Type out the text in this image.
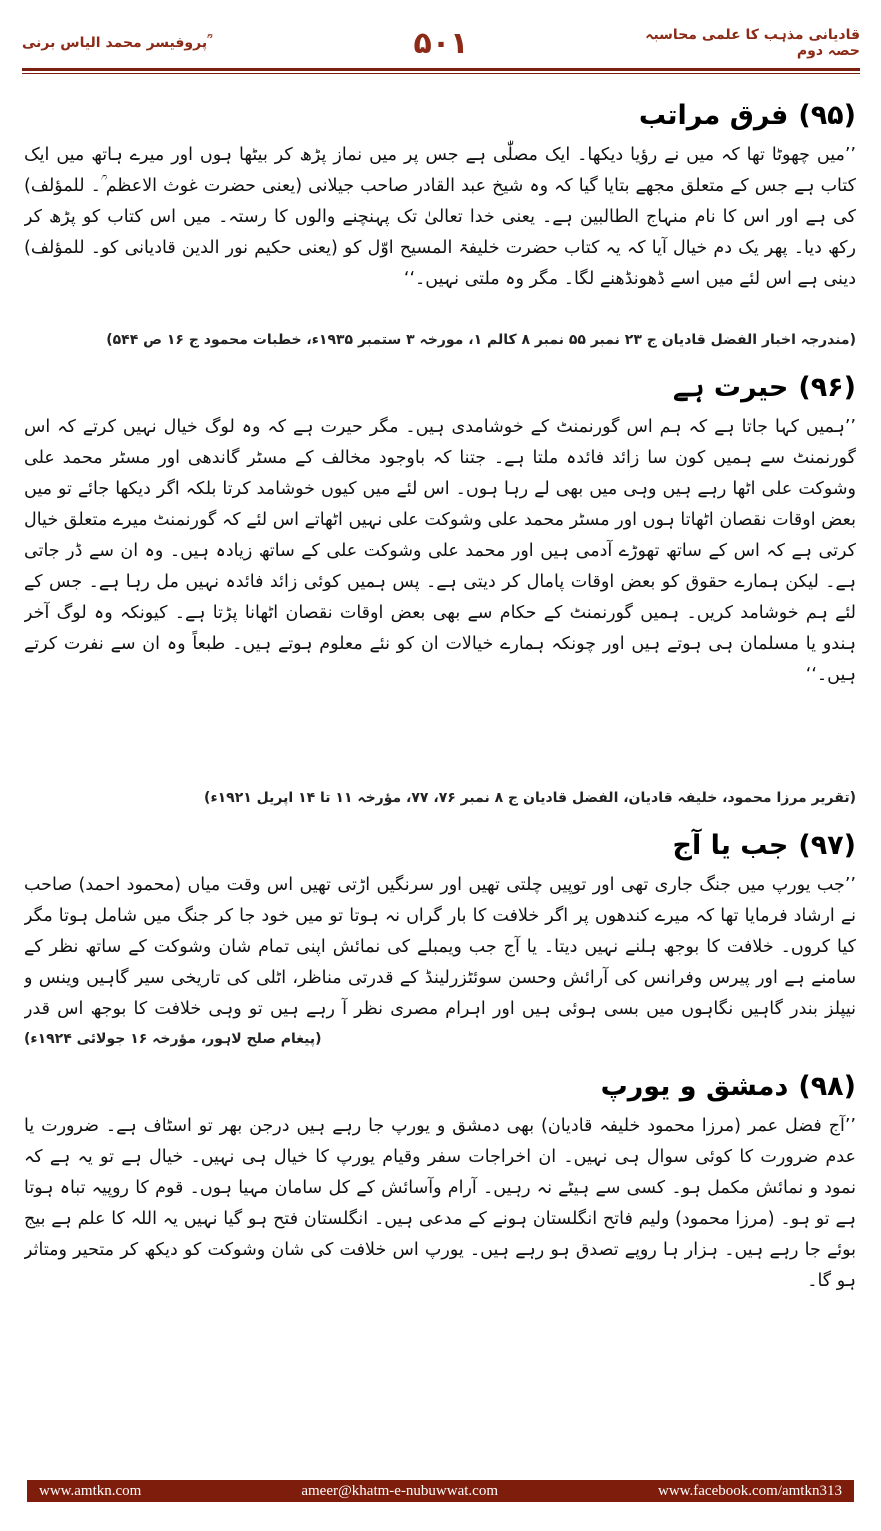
پروفیسر محمد الیاس برنی ؒ	۵۰۱	قادیانی مذہب کا علمی محاسبہ حصہ دوم
(۹۵)فرق مراتب
’’میں چھوٹا تھا کہ میں نے رؤیا دیکھا۔ ایک مصلّٰی ہے جس پر میں نماز پڑھ کر بیٹھا ہوں اور میرے ہاتھ میں ایک کتاب ہے جس کے متعلق مجھے بتایا گیا کہ وہ شیخ عبد القادر صاحب جیلانی (یعنی حضرت غوث الاعظم ؒ۔ للمؤلف) کی ہے اور اس کا نام منہاج الطالبین ہے۔ یعنی خدا تعالیٰ تک پہنچنے والوں کا رستہ۔ میں اس کتاب کو پڑھ کر رکھ دیا۔ پھر یک دم خیال آیا کہ یہ کتاب حضرت خلیفۃ المسیح اوّل کو (یعنی حکیم نور الدین قادیانی کو۔ للمؤلف) دینی ہے اس لئے میں اسے ڈھونڈھنے لگا۔ مگر وہ ملتی نہیں۔‘‘
(مندرجہ اخبار الفضل قادیان ج ۲۳ نمبر ۵۵ نمبر ۸ کالم ۱، مورخہ ۳ ستمبر ۱۹۳۵ء، خطبات محمود ج ۱۶ ص ۵۴۴)
(۹۶)حیرت ہے
’’ہمیں کہا جاتا ہے کہ ہم اس گورنمنٹ کے خوشامدی ہیں۔ مگر حیرت ہے کہ وہ لوگ خیال نہیں کرتے کہ اس گورنمنٹ سے ہمیں کون سا زائد فائدہ ملتا ہے۔ جتنا کہ باوجود مخالف کے مسٹر گاندھی اور مسٹر محمد علی وشوکت علی اٹھا رہے ہیں وہی میں بھی لے رہا ہوں۔ اس لئے میں کیوں خوشامد کرتا بلکہ اگر دیکھا جائے تو میں بعض اوقات نقصان اٹھاتا ہوں اور مسٹر محمد علی وشوکت علی نہیں اٹھاتے اس لئے کہ گورنمنٹ میرے متعلق خیال کرتی ہے کہ اس کے ساتھ تھوڑے آدمی ہیں اور محمد علی وشوکت علی کے ساتھ زیادہ ہیں۔ وہ ان سے ڈر جاتی ہے۔ لیکن ہمارے حقوق کو بعض اوقات پامال کر دیتی ہے۔ پس ہمیں کوئی زائد فائدہ نہیں مل رہا ہے۔ جس کے لئے ہم خوشامد کریں۔ ہمیں گورنمنٹ کے حکام سے بھی بعض اوقات نقصان اٹھانا پڑتا ہے۔ کیونکہ وہ لوگ آخر ہندو یا مسلمان ہی ہوتے ہیں اور چونکہ ہمارے خیالات ان کو نئے معلوم ہوتے ہیں۔ طبعاً وہ ان سے نفرت کرتے ہیں۔‘‘
(تقریر مرزا محمود، خلیفہ قادیان، الفضل قادیان ج ۸ نمبر ۷۶، ۷۷، مؤرخہ ۱۱ تا ۱۴ اپریل ۱۹۲۱ء)
(۹۷)جب یا آج
’’جب یورپ میں جنگ جاری تھی اور توپیں چلتی تھیں اور سرنگیں اڑتی تھیں اس وقت میاں (محمود احمد) صاحب نے ارشاد فرمایا تھا کہ میرے کندھوں پر اگر خلافت کا بار گراں نہ ہوتا تو میں خود جا کر جنگ میں شامل ہوتا مگر کیا کروں۔ خلافت کا بوجھ ہلنے نہیں دیتا۔ یا آج جب ویمبلے کی نمائش اپنی تمام شان وشوکت کے ساتھ نظر کے سامنے ہے اور پیرس وفرانس کی آرائش وحسن سوئٹزرلینڈ کے قدرتی مناظر، اٹلی کی تاریخی سیر گاہیں وینس و نیپلز بندر گاہیں نگاہوں میں بسی ہوئی ہیں اور اہرام مصری نظر آ رہے ہیں تو وہی خلافت کا بوجھ اس قدر
(پیغام صلح لاہور، مؤرخہ ۱۶ جولائی ۱۹۲۴ء)
(۹۸)دمشق و یورپ
’’آج فضل عمر (مرزا محمود خلیفہ قادیان) بھی دمشق و یورپ جا رہے ہیں درجن بھر تو اسٹاف ہے۔ ضرورت یا عدم ضرورت کا کوئی سوال ہی نہیں۔ ان اخراجات سفر وقیام یورپ کا خیال ہی نہیں۔ خیال ہے تو یہ ہے کہ نمود و نمائش مکمل ہو۔ کسی سے ہیٹے نہ رہیں۔ آرام وآسائش کے کل سامان مہیا ہوں۔ قوم کا روپیہ تباہ ہوتا ہے تو ہو۔ (مرزا محمود) ولیم فاتح انگلستان ہونے کے مدعی ہیں۔ انگلستان فتح ہو گیا نہیں یہ اللہ کا علم ہے بیج بوئے جا رہے ہیں۔ ہزار ہا روپے تصدق ہو رہے ہیں۔ یورپ اس خلافت کی شان وشوکت کو دیکھ کر متحیر ومتاثر ہو گا۔
www.amtkn.com	ameer@khatm-e-nubuwwat.com	www.facebook.com/amtkn313
